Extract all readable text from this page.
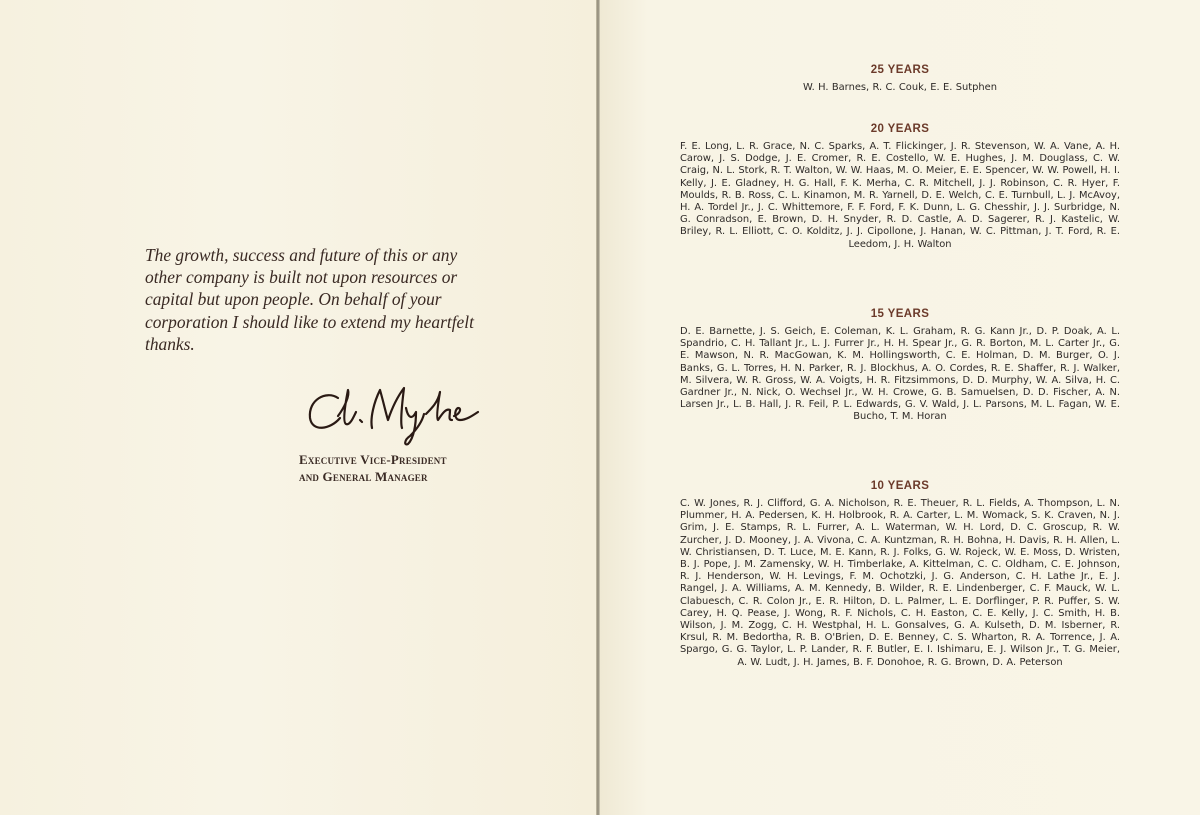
The growth, success and future of this or any other company is built not upon resources or capital but upon people. On behalf of your corporation I should like to extend my heartfelt thanks.

Executive Vice-President
and General Manager
25 YEARS
W. H. Barnes, R. C. Couk, E. E. Sutphen
20 YEARS
F. E. Long, L. R. Grace, N. C. Sparks, A. T. Flickinger, J. R. Stevenson, W. A. Vane, A. H. Carow, J. S. Dodge, J. E. Cromer, R. E. Costello, W. E. Hughes, J. M. Douglass, C. W. Craig, N. L. Stork, R. T. Walton, W. W. Haas, M. O. Meier, E. E. Spencer, W. W. Powell, H. I. Kelly, J. E. Gladney, H. G. Hall, F. K. Merha, C. R. Mitchell, J. J. Robinson, C. R. Hyer, F. Moulds, R. B. Ross, C. L. Kinamon, M. R. Yarnell, D. E. Welch, C. E. Turnbull, L. J. McAvoy, H. A. Tordel Jr., J. C. Whittemore, F. F. Ford, F. K. Dunn, L. G. Chesshir, J. J. Surbridge, N. G. Conradson, E. Brown, D. H. Snyder, R. D. Castle, A. D. Sagerer, R. J. Kastelic, W. Briley, R. L. Elliott, C. O. Kolditz, J. J. Cipollone, J. Hanan, W. C. Pittman, J. T. Ford, R. E. Leedom, J. H. Walton
15 YEARS
D. E. Barnette, J. S. Geich, E. Coleman, K. L. Graham, R. G. Kann Jr., D. P. Doak, A. L. Spandrio, C. H. Tallant Jr., L. J. Furrer Jr., H. H. Spear Jr., G. R. Borton, M. L. Carter Jr., G. E. Mawson, N. R. MacGowan, K. M. Hollingsworth, C. E. Holman, D. M. Burger, O. J. Banks, G. L. Torres, H. N. Parker, R. J. Blockhus, A. O. Cordes, R. E. Shaffer, R. J. Walker, M. Silvera, W. R. Gross, W. A. Voigts, H. R. Fitzsimmons, D. D. Murphy, W. A. Silva, H. C. Gardner Jr., N. Nick, O. Wechsel Jr., W. H. Crowe, G. B. Samuelsen, D. D. Fischer, A. N. Larsen Jr., L. B. Hall, J. R. Feil, P. L. Edwards, G. V. Wald, J. L. Parsons, M. L. Fagan, W. E. Bucho, T. M. Horan
10 YEARS
C. W. Jones, R. J. Clifford, G. A. Nicholson, R. E. Theuer, R. L. Fields, A. Thompson, L. N. Plummer, H. A. Pedersen, K. H. Holbrook, R. A. Carter, L. M. Womack, S. K. Craven, N. J. Grim, J. E. Stamps, R. L. Furrer, A. L. Waterman, W. H. Lord, D. C. Groscup, R. W. Zurcher, J. D. Mooney, J. A. Vivona, C. A. Kuntzman, R. H. Bohna, H. Davis, R. H. Allen, L. W. Christiansen, D. T. Luce, M. E. Kann, R. J. Folks, G. W. Rojeck, W. E. Moss, D. Wristen, B. J. Pope, J. M. Zamensky, W. H. Timberlake, A. Kittelman, C. C. Oldham, C. E. Johnson, R. J. Henderson, W. H. Levings, F. M. Ochotzki, J. G. Anderson, C. H. Lathe Jr., E. J. Rangel, J. A. Williams, A. M. Kennedy, B. Wilder, R. E. Lindenberger, C. F. Mauck, W. L. Clabuesch, C. R. Colon Jr., E. R. Hilton, D. L. Palmer, L. E. Dorflinger, P. R. Puffer, S. W. Carey, H. Q. Pease, J. Wong, R. F. Nichols, C. H. Easton, C. E. Kelly, J. C. Smith, H. B. Wilson, J. M. Zogg, C. H. Westphal, H. L. Gonsalves, G. A. Kulseth, D. M. Isberner, R. Krsul, R. M. Bedortha, R. B. O'Brien, D. E. Benney, C. S. Wharton, R. A. Torrence, J. A. Spargo, G. G. Taylor, L. P. Lander, R. F. Butler, E. I. Ishimaru, E. J. Wilson Jr., T. G. Meier, A. W. Ludt, J. H. James, B. F. Donohoe, R. G. Brown, D. A. Peterson
